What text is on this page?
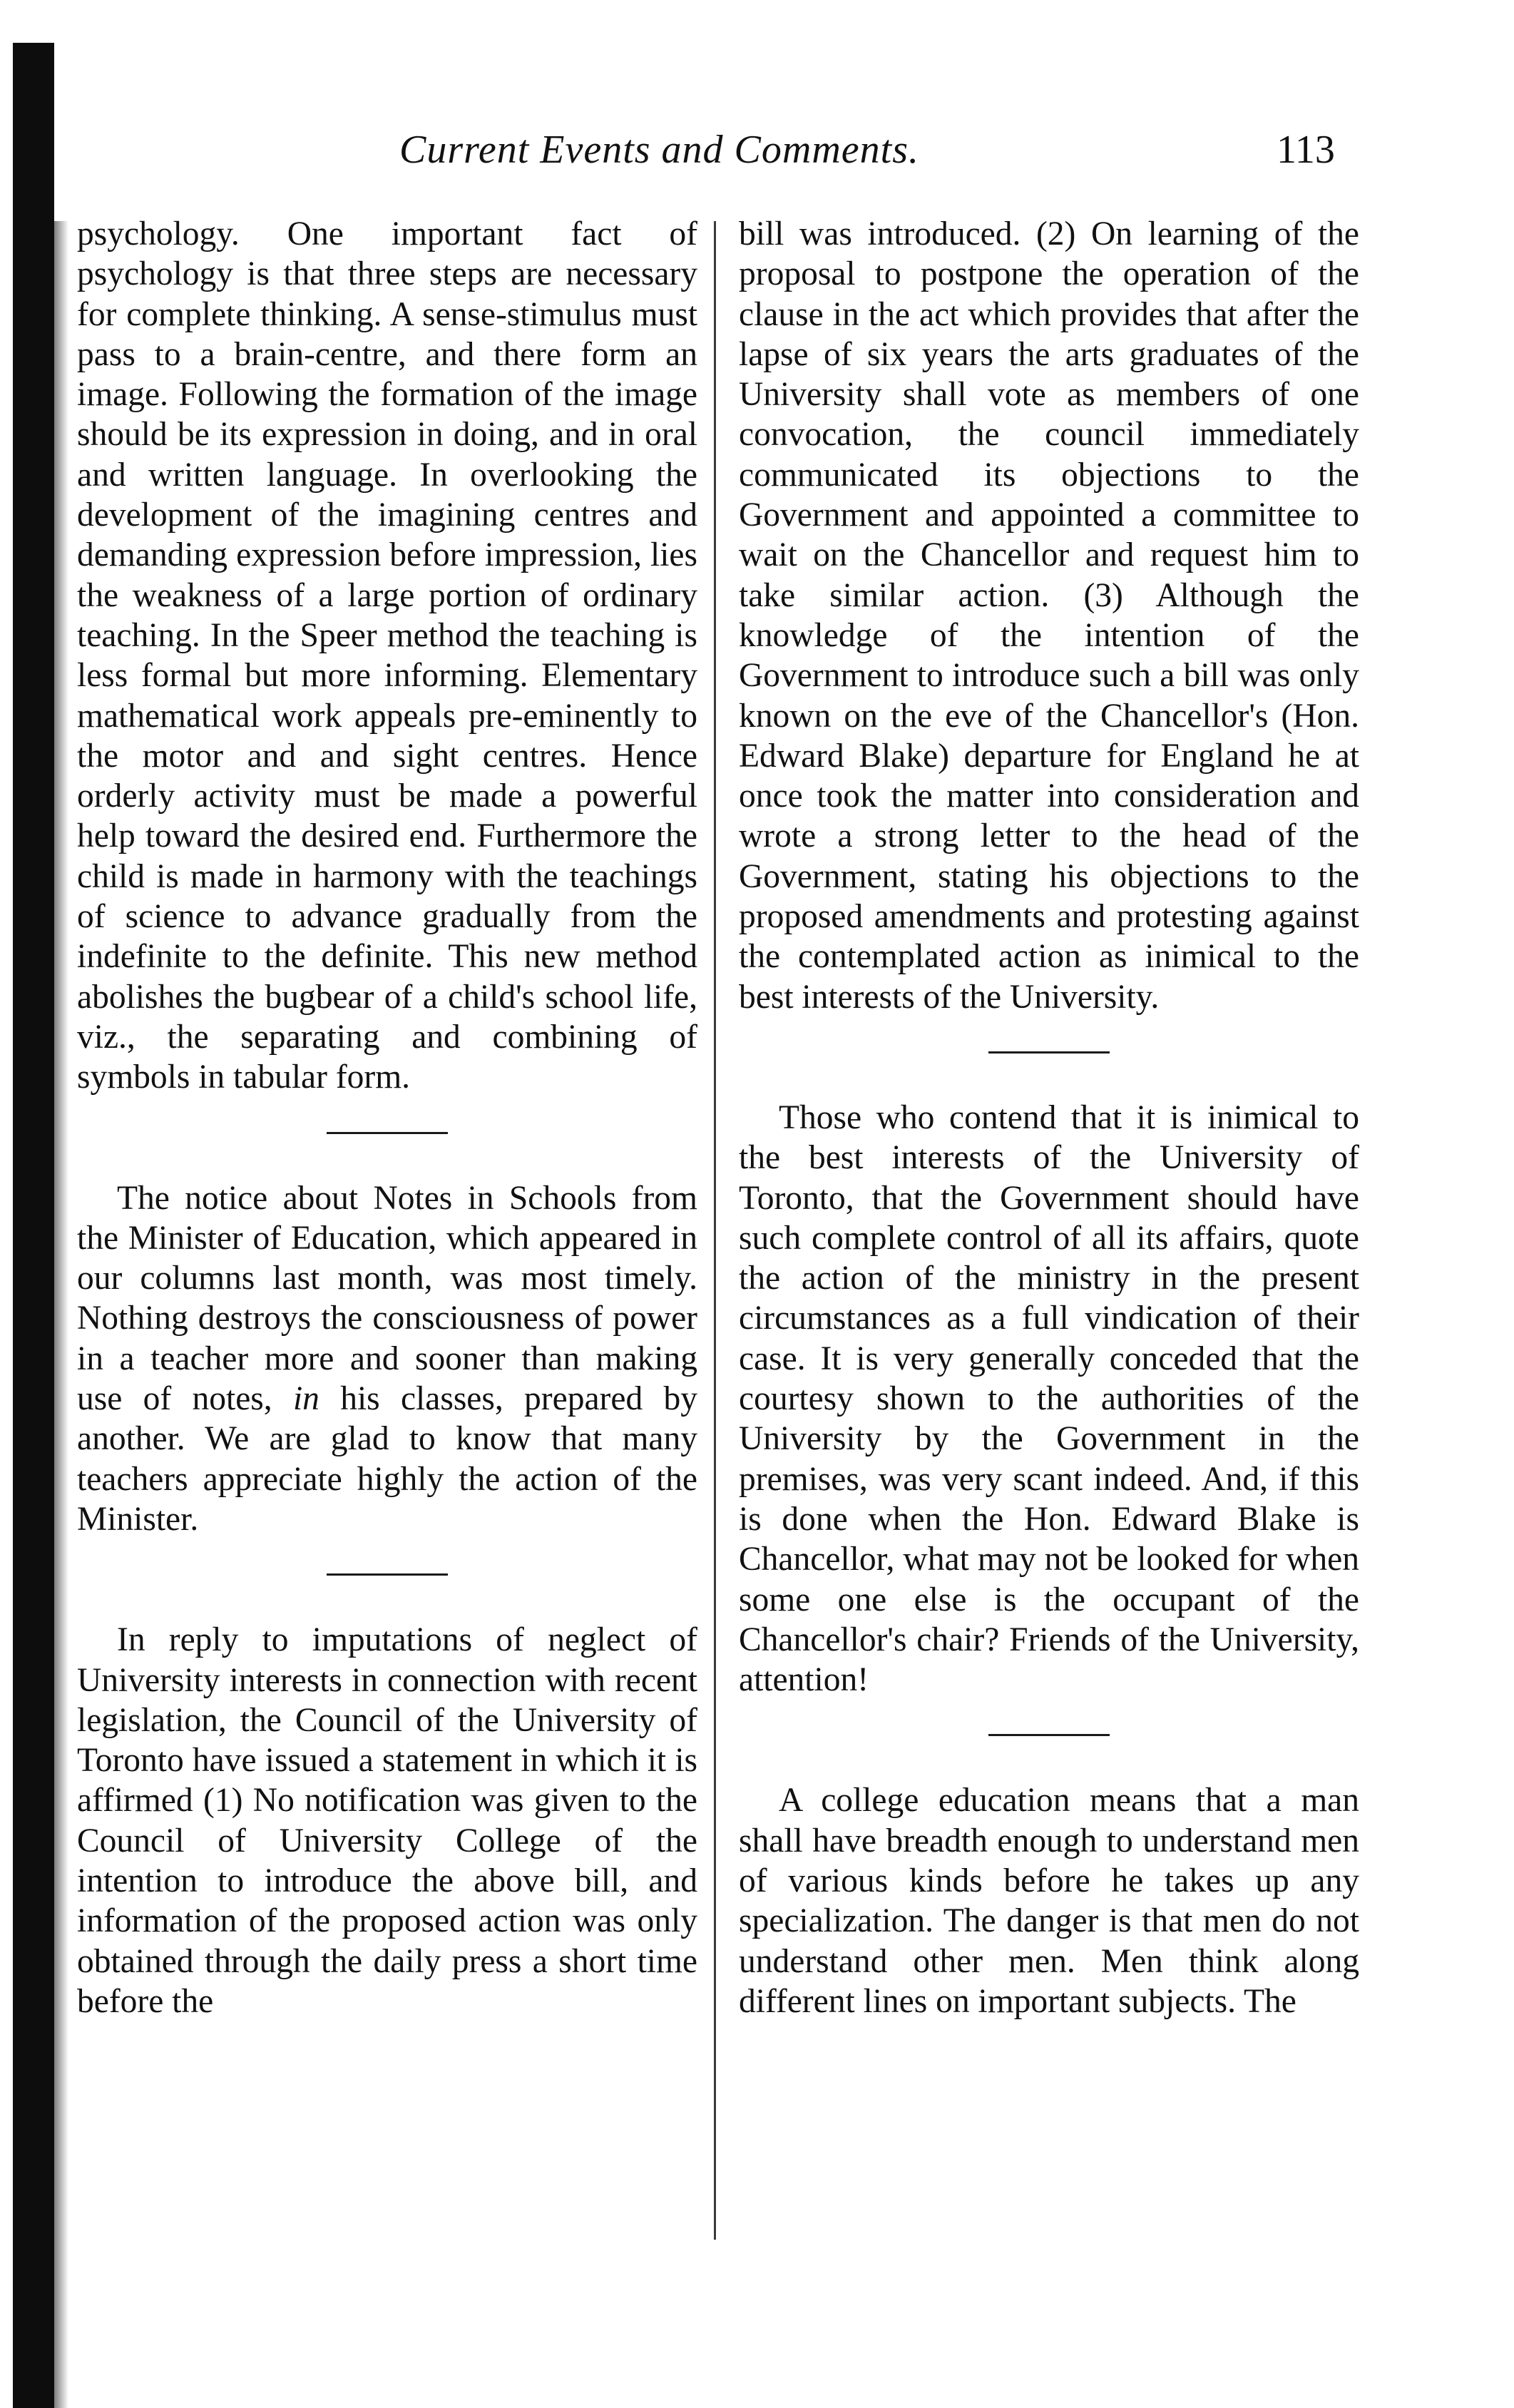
Current Events and Comments.	113

psychology. One important fact of psychology is that three steps are necessary for complete thinking. A sense-stimulus must pass to a brain-centre, and there form an image. Following the formation of the image should be its expression in doing, and in oral and written language. In overlooking the development of the imagining centres and demanding expression before impression, lies the weakness of a large portion of ordinary teaching. In the Speer method the teaching is less formal but more informing. Elementary mathematical work appeals pre-eminently to the motor and and sight centres. Hence orderly activity must be made a powerful help toward the desired end. Furthermore the child is made in harmony with the teachings of science to advance gradually from the indefinite to the definite. This new method abolishes the bugbear of a child's school life, viz., the separating and combining of symbols in tabular form.

The notice about Notes in Schools from the Minister of Education, which appeared in our columns last month, was most timely. Nothing destroys the consciousness of power in a teacher more and sooner than making use of notes, in his classes, prepared by another. We are glad to know that many teachers appreciate highly the action of the Minister.

In reply to imputations of neglect of University interests in connection with recent legislation, the Council of the University of Toronto have issued a statement in which it is affirmed (1) No notification was given to the Council of University College of the intention to introduce the above bill, and information of the proposed action was only obtained through the daily press a short time before the

bill was introduced. (2) On learning of the proposal to postpone the operation of the clause in the act which provides that after the lapse of six years the arts graduates of the University shall vote as members of one convocation, the council immediately communicated its objections to the Government and appointed a committee to wait on the Chancellor and request him to take similar action. (3) Although the knowledge of the intention of the Government to introduce such a bill was only known on the eve of the Chancellor's (Hon. Edward Blake) departure for England he at once took the matter into consideration and wrote a strong letter to the head of the Government, stating his objections to the proposed amendments and protesting against the contemplated action as inimical to the best interests of the University.

Those who contend that it is inimical to the best interests of the University of Toronto, that the Government should have such complete control of all its affairs, quote the action of the ministry in the present circumstances as a full vindication of their case. It is very generally conceded that the courtesy shown to the authorities of the University by the Government in the premises, was very scant indeed. And, if this is done when the Hon. Edward Blake is Chancellor, what may not be looked for when some one else is the occupant of the Chancellor's chair? Friends of the University, attention!

A college education means that a man shall have breadth enough to understand men of various kinds before he takes up any specialization. The danger is that men do not understand other men. Men think along different lines on important subjects. The
